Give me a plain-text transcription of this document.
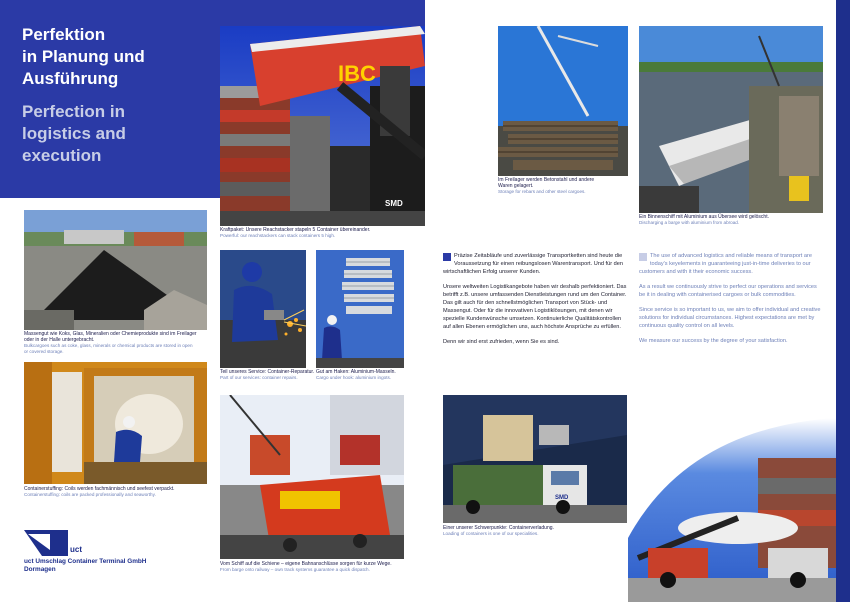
Perfektion
in Planung und
Ausführung
Perfection in
logistics and
execution
IBC
SMD
Kraftpaket: Unsere Reachstacker stapeln 5 Container übereinander.
Powerful: our reachstackers can stack containers 5 high.
Im Freilager werden Betonstahl und andere
Waren gelagert.
Storage for rebars and other steel cargoes.
Ein Binnenschiff mit Aluminium aus Übersee wird gelöscht.
Discharging a barge with aluminium from abroad.
Massengut wie Koks, Glas, Mineralien oder Chemieprodukte sind im Freilager
oder in der Halle untergebracht.
Bulkcargoes such as coke, glass, minerals or chemical products are stored in open
or covered storage.
Teil unseres Service: Container-Reparatur.
Part of our services: container repairs.
Gut am Haken: Aluminium-Masseln.
Cargo under hook: aluminium ingots.
Containerstuffing: Coils werden fachmännisch und seefest verpackt.
Containerstuffing: coils are packed professionally and seaworthy.
Vom Schiff auf die Schiene – eigene Bahnanschlüsse sorgen für kurze Wege.
From barge onto railway – own track systems guarantee a quick dispatch.
SMD
Einer unserer Schwerpunkte: Containerverladung.
Loading of containers is one of our specialities.

Präzise Zeitabläufe und zuverlässige Transportketten sind heute die Voraussetzung für einen reibungslosen Warentransport. Und für den wirtschaftlichen Erfolg unserer Kunden.

Unsere weltweiten Logistikangebote haben wir deshalb perfektioniert. Das betrifft z.B. unsere umfassenden Dienstleistungen rund um den Container. Das gilt auch für den schnellstmöglichen Transport von Stück- und Massengut. Oder für die innovativen Logistiklösungen, mit denen wir spezielle Kundenwünsche umsetzen. Kontinuierliche Qualitätskontrollen auf allen Ebenen ermöglichen uns, auch höchste Ansprüche zu erfüllen.

Denn wir sind erst zufrieden, wenn Sie es sind.

The use of advanced logistics and reliable means of transport are today's keyelements in guaranteeing just-in-time deliveries to our customers and with it their economic success.

As a result we continuously strive to perfect our operations and services be it in dealing with containerised cargoes or bulk commodities.

Since service is so important to us, we aim to offer individual and creative solutions for individual circumstances. Highest expectations are met by continuous quality control on all levels.

We measure our success by the degree of your satisfaction.

uct
uct Umschlag Container Terminal GmbH
Dormagen
